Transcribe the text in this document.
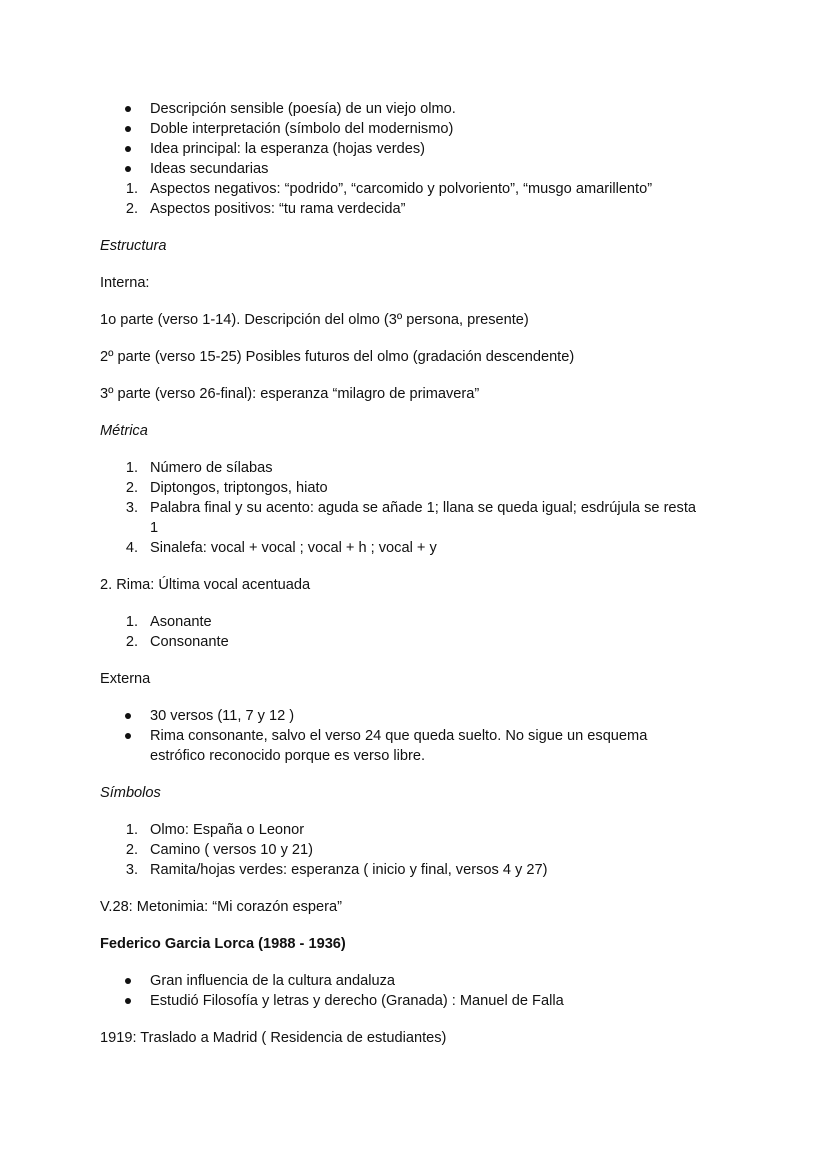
Descripción sensible (poesía) de un viejo olmo.
Doble interpretación (símbolo del modernismo)
Idea principal: la esperanza (hojas verdes)
Ideas secundarias
1. Aspectos negativos: “podrido”, “carcomido y polvoriento”, “musgo amarillento”
2. Aspectos positivos: “tu rama verdecida”
Estructura
Interna:
1o parte (verso 1-14). Descripción del olmo (3º persona, presente)
2º parte (verso 15-25) Posibles futuros del olmo (gradación descendente)
3º parte (verso 26-final): esperanza “milagro de primavera”
Métrica
1. Número de sílabas
2. Diptongos, triptongos, hiato
3. Palabra final y su acento: aguda se añade 1; llana se queda igual; esdrújula se resta
1
4. Sinalefa: vocal + vocal ; vocal + h ; vocal + y
2. Rima: Última vocal acentuada
1. Asonante
2. Consonante
Externa
30 versos (11, 7 y 12 )
Rima consonante, salvo el verso 24 que queda suelto. No sigue un esquema
estrófico reconocido porque es verso libre.
Símbolos
1. Olmo: España o Leonor
2. Camino ( versos 10 y 21)
3. Ramita/hojas verdes: esperanza ( inicio y final, versos 4 y 27)
V.28: Metonimia: “Mi corazón espera”
Federico Garcia Lorca (1988 - 1936)
Gran influencia de la cultura andaluza
Estudió Filosofía y letras y derecho (Granada) : Manuel de Falla
1919: Traslado a Madrid ( Residencia de estudiantes)
